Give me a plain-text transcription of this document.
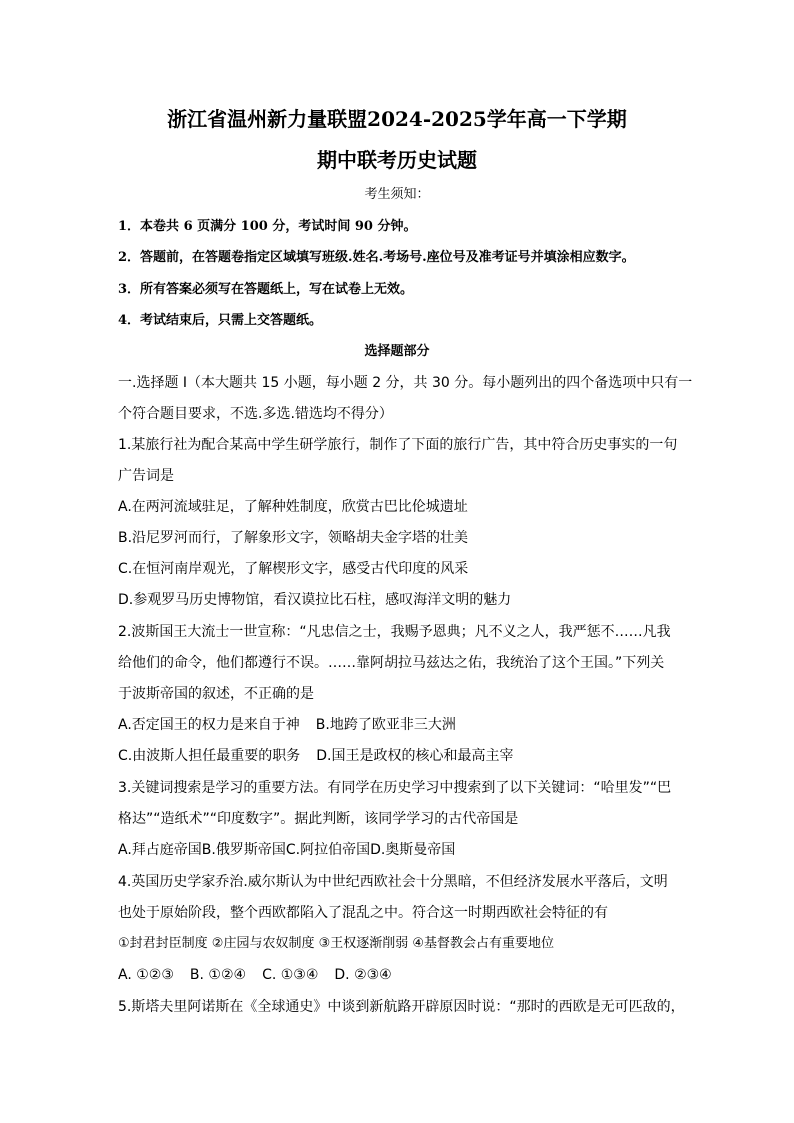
浙江省温州新力量联盟2024-2025学年高一下学期
期中联考历史试题
考生须知：
1．本卷共 6 页满分 100 分，考试时间 90 分钟。
2．答题前，在答题卷指定区域填写班级.姓名.考场号.座位号及准考证号并填涂相应数字。
3．所有答案必须写在答题纸上，写在试卷上无效。
4．考试结束后，只需上交答题纸。
选择题部分
一.选择题 I（本大题共 15 小题，每小题 2 分，共 30 分。每小题列出的四个备选项中只有一
个符合题目要求，不选.多选.错选均不得分）
1.某旅行社为配合某高中学生研学旅行，制作了下面的旅行广告，其中符合历史事实的一句
广告词是
A.在两河流域驻足，了解种姓制度，欣赏古巴比伦城遗址
B.沿尼罗河而行，了解象形文字，领略胡夫金字塔的壮美
C.在恒河南岸观光，了解楔形文字，感受古代印度的风采
D.参观罗马历史博物馆，看汉谟拉比石柱，感叹海洋文明的魅力
2.波斯国王大流士一世宣称：“凡忠信之士，我赐予恩典；凡不义之人，我严惩不……凡我
给他们的命令，他们都遵行不误。……靠阿胡拉马兹达之佑，我统治了这个王国。”下列关
于波斯帝国的叙述，不正确的是
A.否定国王的权力是来自于神 B.地跨了欧亚非三大洲
C.由波斯人担任最重要的职务 D.国王是政权的核心和最高主宰
3.关键词搜索是学习的重要方法。有同学在历史学习中搜索到了以下关键词：“哈里发”“巴
格达”“造纸术”“印度数字”。据此判断，该同学学习的古代帝国是
A.拜占庭帝国B.俄罗斯帝国C.阿拉伯帝国D.奥斯曼帝国
4.英国历史学家乔治.威尔斯认为中世纪西欧社会十分黑暗，不但经济发展水平落后，文明
也处于原始阶段，整个西欧都陷入了混乱之中。符合这一时期西欧社会特征的有
①封君封臣制度 ②庄园与农奴制度 ③王权逐渐削弱 ④基督教会占有重要地位
A. ①②③ B. ①②④ C. ①③④ D. ②③④
5.斯塔夫里阿诺斯在《全球通史》中谈到新航路开辟原因时说：“那时的西欧是无可匹敌的，
